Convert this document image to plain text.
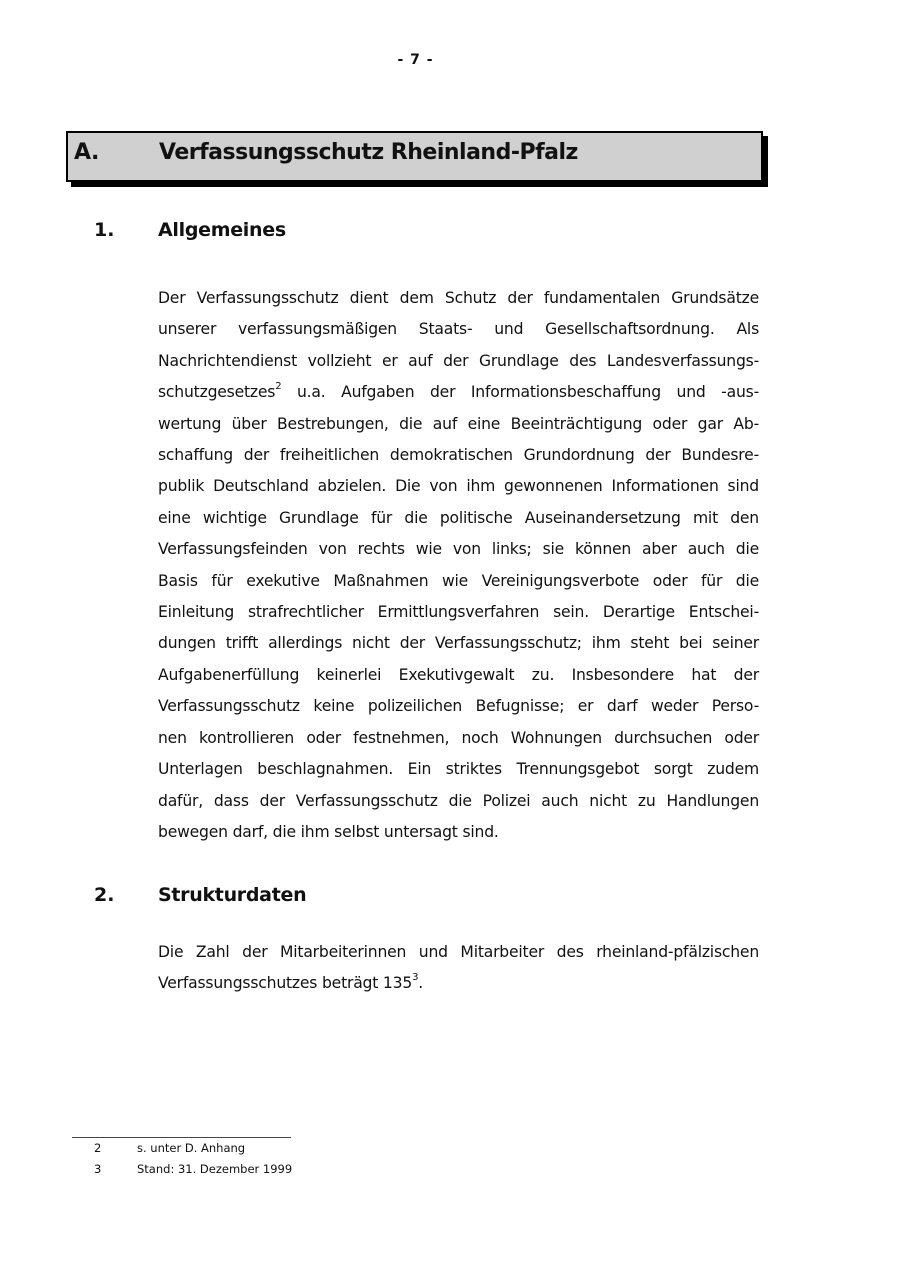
- 7 -
A.	Verfassungsschutz Rheinland-Pfalz
1. Allgemeines
Der Verfassungsschutz dient dem Schutz der fundamentalen Grundsätze
unserer verfassungsmäßigen Staats- und Gesellschaftsordnung. Als
Nachrichtendienst vollzieht er auf der Grundlage des Landesverfassungs-
schutzgesetzes$^2$ u.a. Aufgaben der Informationsbeschaffung und -aus-
wertung über Bestrebungen, die auf eine Beeinträchtigung oder gar Ab-
schaffung der freiheitlichen demokratischen Grundordnung der Bundesre-
publik Deutschland abzielen. Die von ihm gewonnenen Informationen sind
eine wichtige Grundlage für die politische Auseinandersetzung mit den
Verfassungsfeinden von rechts wie von links; sie können aber auch die
Basis für exekutive Maßnahmen wie Vereinigungsverbote oder für die
Einleitung strafrechtlicher Ermittlungsverfahren sein. Derartige Entschei-
dungen trifft allerdings nicht der Verfassungsschutz; ihm steht bei seiner
Aufgabenerfüllung keinerlei Exekutivgewalt zu. Insbesondere hat der
Verfassungsschutz keine polizeilichen Befugnisse; er darf weder Perso-
nen kontrollieren oder festnehmen, noch Wohnungen durchsuchen oder
Unterlagen beschlagnahmen. Ein striktes Trennungsgebot sorgt zudem
dafür, dass der Verfassungsschutz die Polizei auch nicht zu Handlungen
bewegen darf, die ihm selbst untersagt sind.
2. Strukturdaten
Die Zahl der Mitarbeiterinnen und Mitarbeiter des rheinland-pfälzischen
Verfassungsschutzes beträgt $135^3$.
2	s. unter D. Anhang
3	Stand: 31. Dezember 1999
